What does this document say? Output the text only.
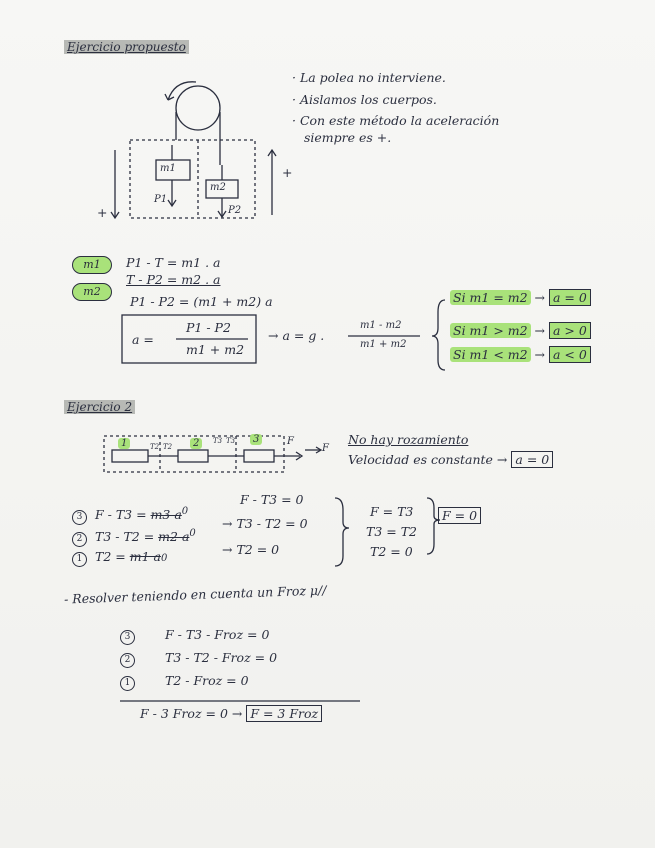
Ejercicio propuesto
· La polea no interviene.
· Aislamos los cuerpos.
· Con este método la aceleración
siempre es +.
m1
m2
P1
P2
+
+
m1
m2
P1 - T = m1 . a
T - P2 = m2 . a
P1 - P2 = (m1 + m2) a
a =
P1 - P2
m1 + m2
→ a = g .
m1 - m2
m1 + m2
Si m1 = m2 → a = 0
Si m1 > m2 → a > 0
Si m1 < m2 → a < 0
Ejercicio 2
1	2	3
T2 T2
T3 T3	F
F
No hay rozamiento
Velocidad es constante → a = 0
3 F - T3 = m3 $a^0$
2 T3 - T2 = m2 $a^0$
1 T2 = m1 a0
F - T3 = 0
→ T3 - T2 = 0
→ T2 = 0
F = T3
T3 = T2
T2 = 0
F = 0
- Resolver teniendo en cuenta un Froz μ//
3	F - T3 - Froz = 0
2	T3 - T2 - Froz = 0
1	T2 - Froz = 0
F - 3 Froz = 0 → F = 3 Froz
